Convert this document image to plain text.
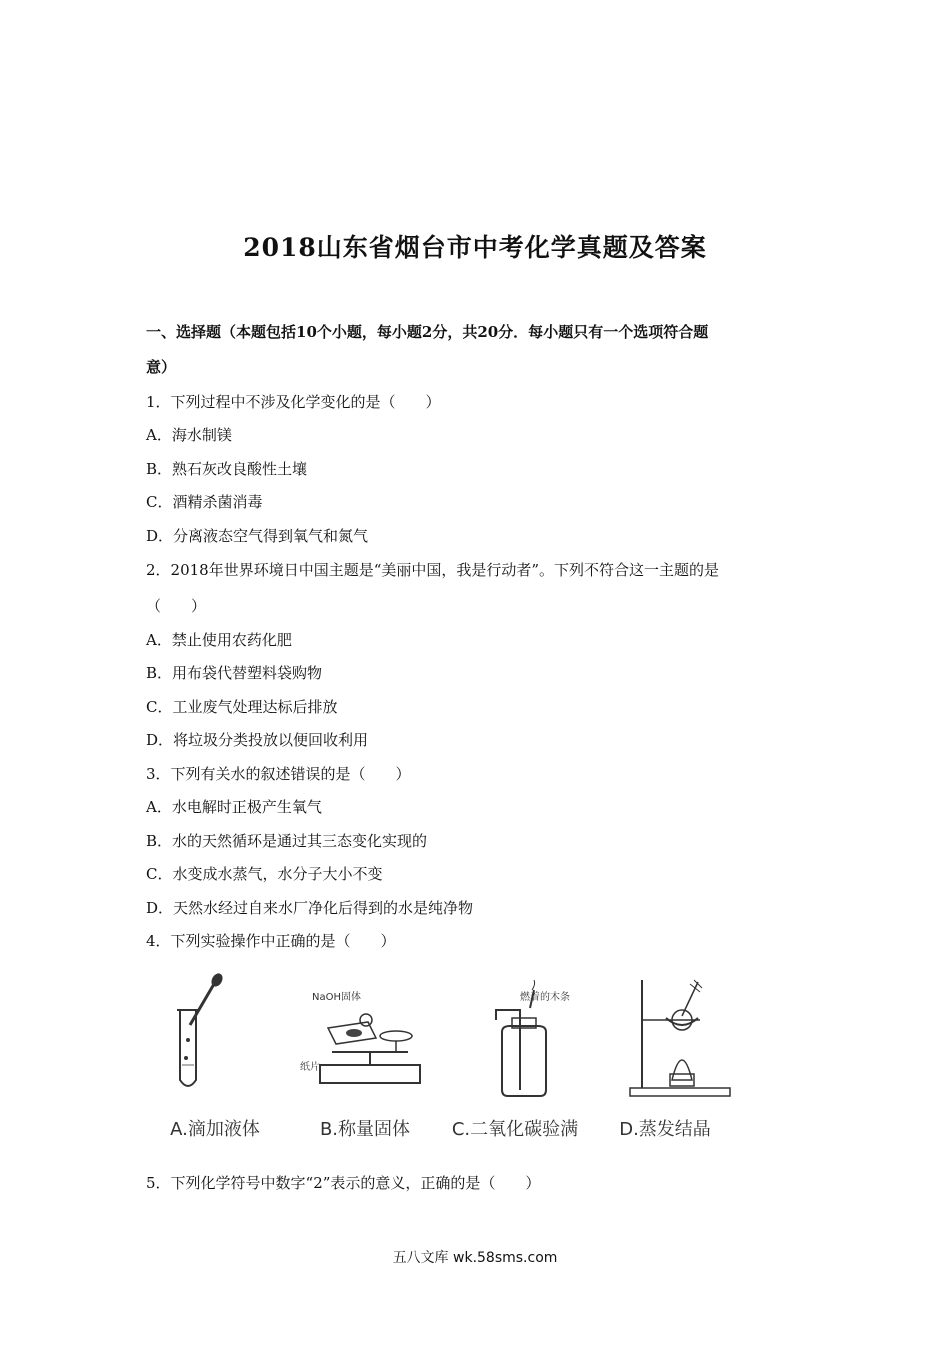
2018山东省烟台市中考化学真题及答案
一、选择题（本题包括10个小题，每小题2分，共20分．每小题只有一个选项符合题
意）
1．下列过程中不涉及化学变化的是（　　）
A．海水制镁
B．熟石灰改良酸性土壤
C．酒精杀菌消毒
D．分离液态空气得到氧气和氮气
2．2018年世界环境日中国主题是“美丽中国，我是行动者”。下列不符合这一主题的是
（　　）
A．禁止使用农药化肥
B．用布袋代替塑料袋购物
C．工业废气处理达标后排放
D．将垃圾分类投放以便回收利用
3．下列有关水的叙述错误的是（　　）
A．水电解时正极产生氧气
B．水的天然循环是通过其三态变化实现的
C．水变成水蒸气，水分子大小不变
D．天然水经过自来水厂净化后得到的水是纯净物
4．下列实验操作中正确的是（　　）
A.滴加液体
NaOH固体
纸片
B.称量固体
燃着的木条
C.二氧化碳验满	D.蒸发结晶
5．下列化学符号中数字“2”表示的意义，正确的是（　　）
五八文库 wk.58sms.com
